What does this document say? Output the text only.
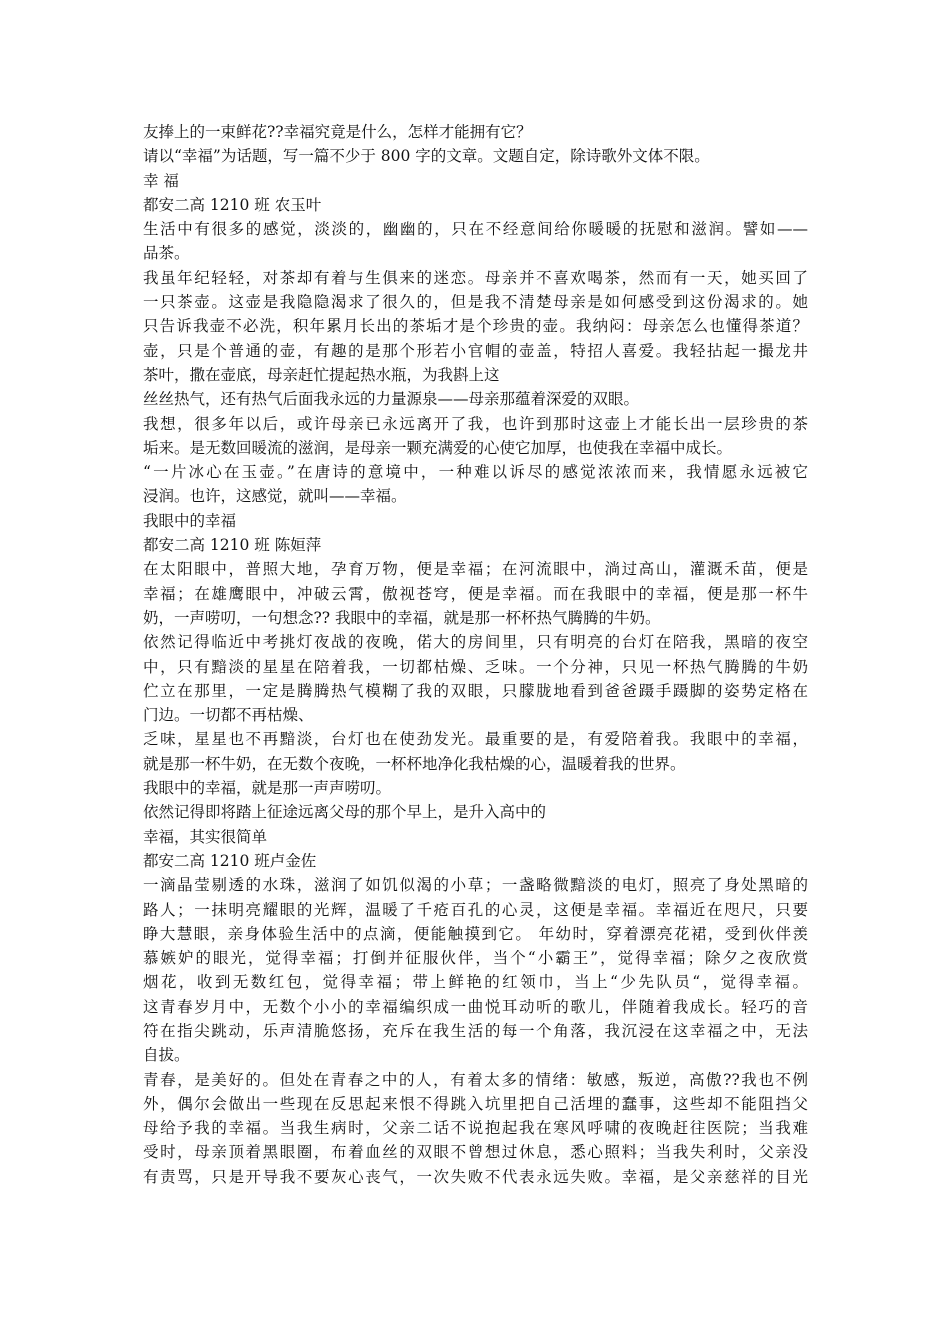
友捧上的一束鲜花??幸福究竟是什么，怎样才能拥有它？
请以“幸福”为话题，写一篇不少于 800 字的文章。文题自定，除诗歌外文体不限。
幸 福
都安二高 1210 班 农玉叶
生活中有很多的感觉，淡淡的，幽幽的，只在不经意间给你暖暖的抚慰和滋润。譬如——
品茶。
我虽年纪轻轻，对茶却有着与生俱来的迷恋。母亲并不喜欢喝茶，然而有一天，她买回了
一只茶壶。这壶是我隐隐渴求了很久的，但是我不清楚母亲是如何感受到这份渴求的。她
只告诉我壶不必洗，积年累月长出的茶垢才是个珍贵的壶。我纳闷：母亲怎么也懂得茶道？
壶，只是个普通的壶，有趣的是那个形若小官帽的壶盖，特招人喜爱。我轻拈起一撮龙井
茶叶，撒在壶底，母亲赶忙提起热水瓶，为我斟上这
丝丝热气，还有热气后面我永远的力量源泉——母亲那蕴着深爱的双眼。
我想，很多年以后，或许母亲已永远离开了我，也许到那时这壶上才能长出一层珍贵的茶
垢来。是无数回暖流的滋润，是母亲一颗充满爱的心使它加厚，也使我在幸福中成长。
“一片冰心在玉壶。”在唐诗的意境中，一种难以诉尽的感觉浓浓而来，我情愿永远被它
浸润。也许，这感觉，就叫——幸福。
我眼中的幸福
都安二高 1210 班 陈姮萍
在太阳眼中，普照大地，孕育万物，便是幸福；在河流眼中，淌过高山，灌溉禾苗，便是
幸福；在雄鹰眼中，冲破云霄，傲视苍穹，便是幸福。而在我眼中的幸福，便是那一杯牛
奶，一声唠叨，一句想念?? 我眼中的幸福，就是那一杯杯热气腾腾的牛奶。
依然记得临近中考挑灯夜战的夜晚，偌大的房间里，只有明亮的台灯在陪我，黑暗的夜空
中，只有黯淡的星星在陪着我，一切都枯燥、乏味。一个分神，只见一杯热气腾腾的牛奶
伫立在那里，一定是腾腾热气模糊了我的双眼，只朦胧地看到爸爸蹑手蹑脚的姿势定格在
门边。一切都不再枯燥、
乏味，星星也不再黯淡，台灯也在使劲发光。最重要的是，有爱陪着我。我眼中的幸福，
就是那一杯牛奶，在无数个夜晚，一杯杯地净化我枯燥的心，温暖着我的世界。
我眼中的幸福，就是那一声声唠叨。
依然记得即将踏上征途远离父母的那个早上，是升入高中的
幸福，其实很简单
都安二高 1210 班卢金佐
一滴晶莹剔透的水珠，滋润了如饥似渴的小草；一盏略微黯淡的电灯，照亮了身处黑暗的
路人；一抹明亮耀眼的光辉，温暖了千疮百孔的心灵，这便是幸福。幸福近在咫尺，只要
睁大慧眼，亲身体验生活中的点滴，便能触摸到它。 年幼时，穿着漂亮花裙，受到伙伴羡
慕嫉妒的眼光，觉得幸福；打倒并征服伙伴，当个“小霸王”，觉得幸福；除夕之夜欣赏
烟花，收到无数红包，觉得幸福；带上鲜艳的红领巾，当上“少先队员“，觉得幸福。
这青春岁月中，无数个小小的幸福编织成一曲悦耳动听的歌儿，伴随着我成长。轻巧的音
符在指尖跳动，乐声清脆悠扬，充斥在我生活的每一个角落，我沉浸在这幸福之中，无法
自拔。
青春，是美好的。但处在青春之中的人，有着太多的情绪：敏感，叛逆，高傲??我也不例
外，偶尔会做出一些现在反思起来恨不得跳入坑里把自己活埋的蠢事，这些却不能阻挡父
母给予我的幸福。当我生病时，父亲二话不说抱起我在寒风呼啸的夜晚赶往医院；当我难
受时，母亲顶着黑眼圈，布着血丝的双眼不曾想过休息，悉心照料；当我失利时，父亲没
有责骂，只是开导我不要灰心丧气，一次失败不代表永远失败。幸福，是父亲慈祥的目光
